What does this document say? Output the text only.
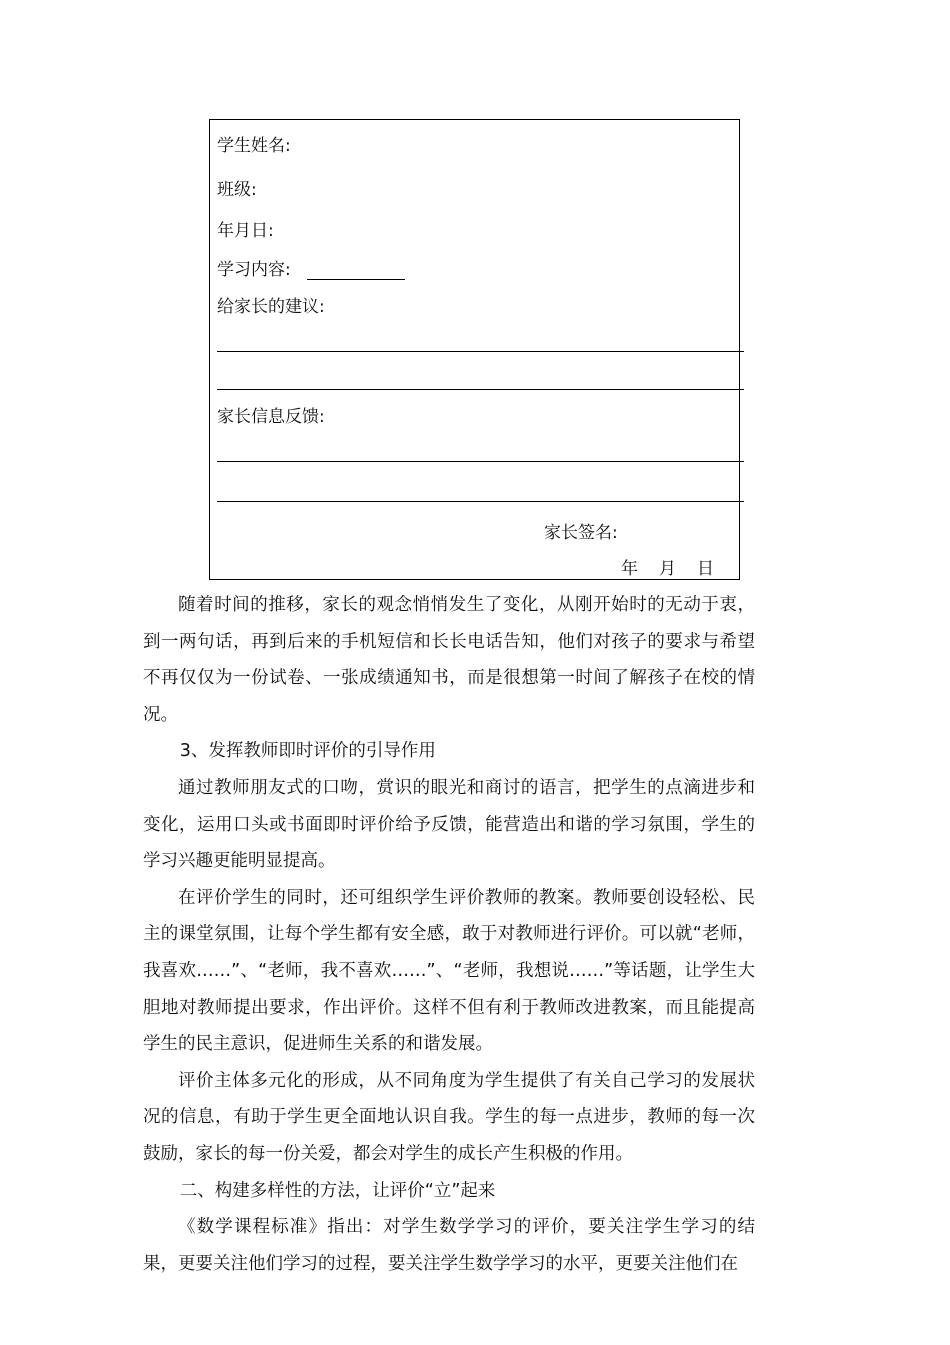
学生姓名:
班级:
年月日:
学习内容:
给家长的建议:
家长信息反馈:
家长签名:
年 月 日

随着时间的推移，家长的观念悄悄发生了变化，从刚开始时的无动于衷，到一两句话，再到后来的手机短信和长长电话告知，他们对孩子的要求与希望不再仅仅为一份试卷、一张成绩通知书，而是很想第一时间了解孩子在校的情况。

3、发挥教师即时评价的引导作用

通过教师朋友式的口吻，赏识的眼光和商讨的语言，把学生的点滴进步和变化，运用口头或书面即时评价给予反馈，能营造出和谐的学习氛围，学生的学习兴趣更能明显提高。

在评价学生的同时，还可组织学生评价教师的教案。教师要创设轻松、民主的课堂氛围，让每个学生都有安全感，敢于对教师进行评价。可以就“老师，我喜欢……”、“老师，我不喜欢……”、“老师，我想说……”等话题，让学生大胆地对教师提出要求，作出评价。这样不但有利于教师改进教案，而且能提高学生的民主意识，促进师生关系的和谐发展。

评价主体多元化的形成，从不同角度为学生提供了有关自己学习的发展状况的信息，有助于学生更全面地认识自我。学生的每一点进步，教师的每一次鼓励，家长的每一份关爱，都会对学生的成长产生积极的作用。

二、构建多样性的方法，让评价“立”起来

《数学课程标准》指出：对学生数学学习的评价，要关注学生学习的结果，更要关注他们学习的过程，要关注学生数学学习的水平，更要关注他们在
